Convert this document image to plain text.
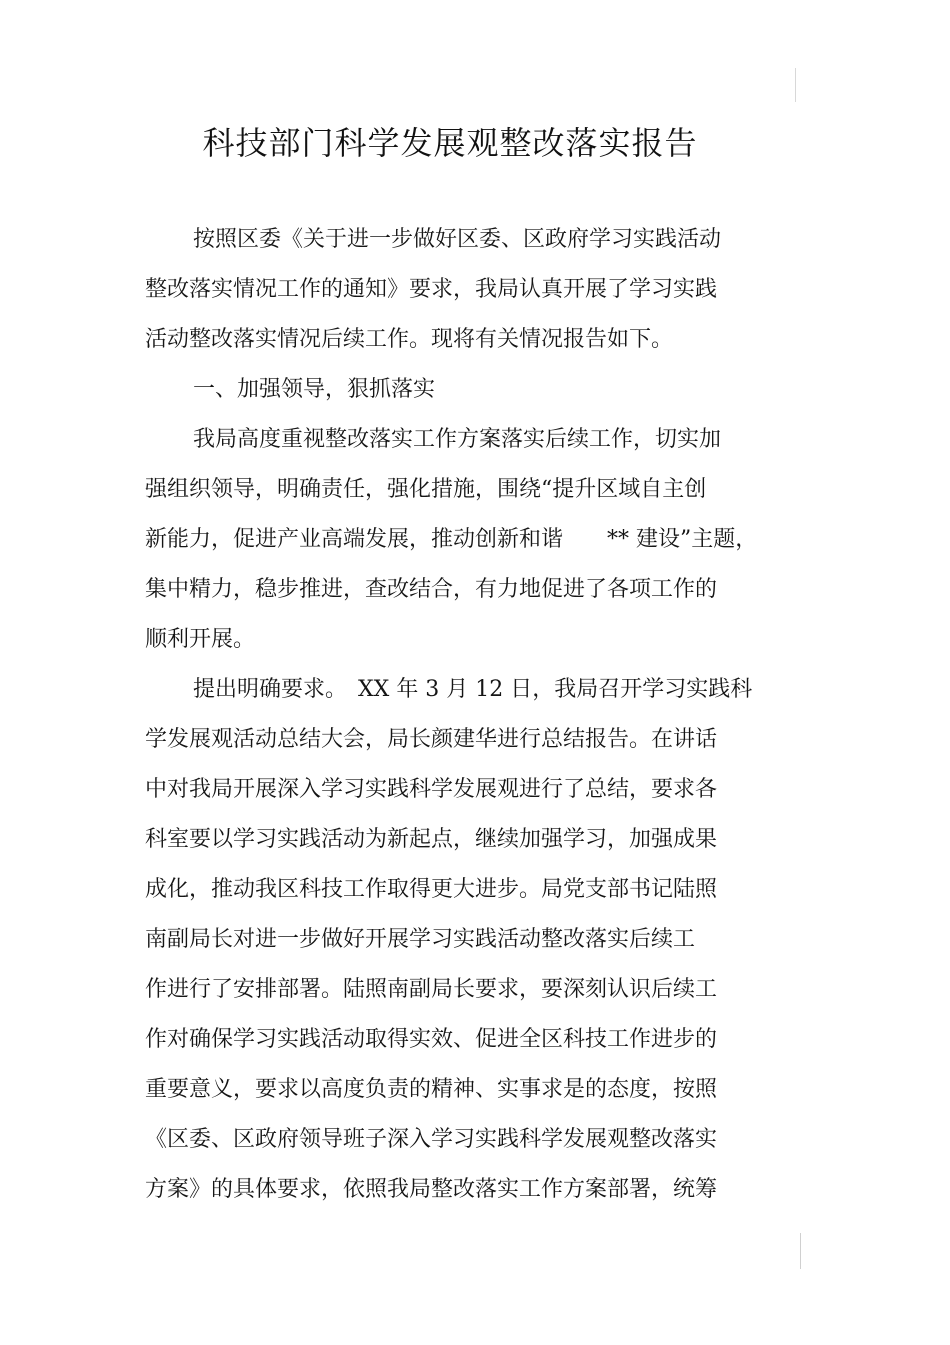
科技部门科学发展观整改落实报告
按照区委《关于进一步做好区委、区政府学习实践活动
整改落实情况工作的通知》要求，我局认真开展了学习实践
活动整改落实情况后续工作。现将有关情况报告如下。
一、加强领导，狠抓落实
我局高度重视整改落实工作方案落实后续工作，切实加
强组织领导，明确责任，强化措施，围绕“提升区域自主创
新能力，促进产业高端发展，推动创新和谐　　** 建设”主题，
集中精力，稳步推进，查改结合，有力地促进了各项工作的
顺利开展。
提出明确要求。　XX 年 3 月 12 日，我局召开学习实践科
学发展观活动总结大会，局长颜建华进行总结报告。在讲话
中对我局开展深入学习实践科学发展观进行了总结，要求各
科室要以学习实践活动为新起点，继续加强学习，加强成果
成化，推动我区科技工作取得更大进步。局党支部书记陆照
南副局长对进一步做好开展学习实践活动整改落实后续工
作进行了安排部署。陆照南副局长要求，要深刻认识后续工
作对确保学习实践活动取得实效、促进全区科技工作进步的
重要意义，要求以高度负责的精神、实事求是的态度，按照
《区委、区政府领导班子深入学习实践科学发展观整改落实
方案》的具体要求，依照我局整改落实工作方案部署，统筹
